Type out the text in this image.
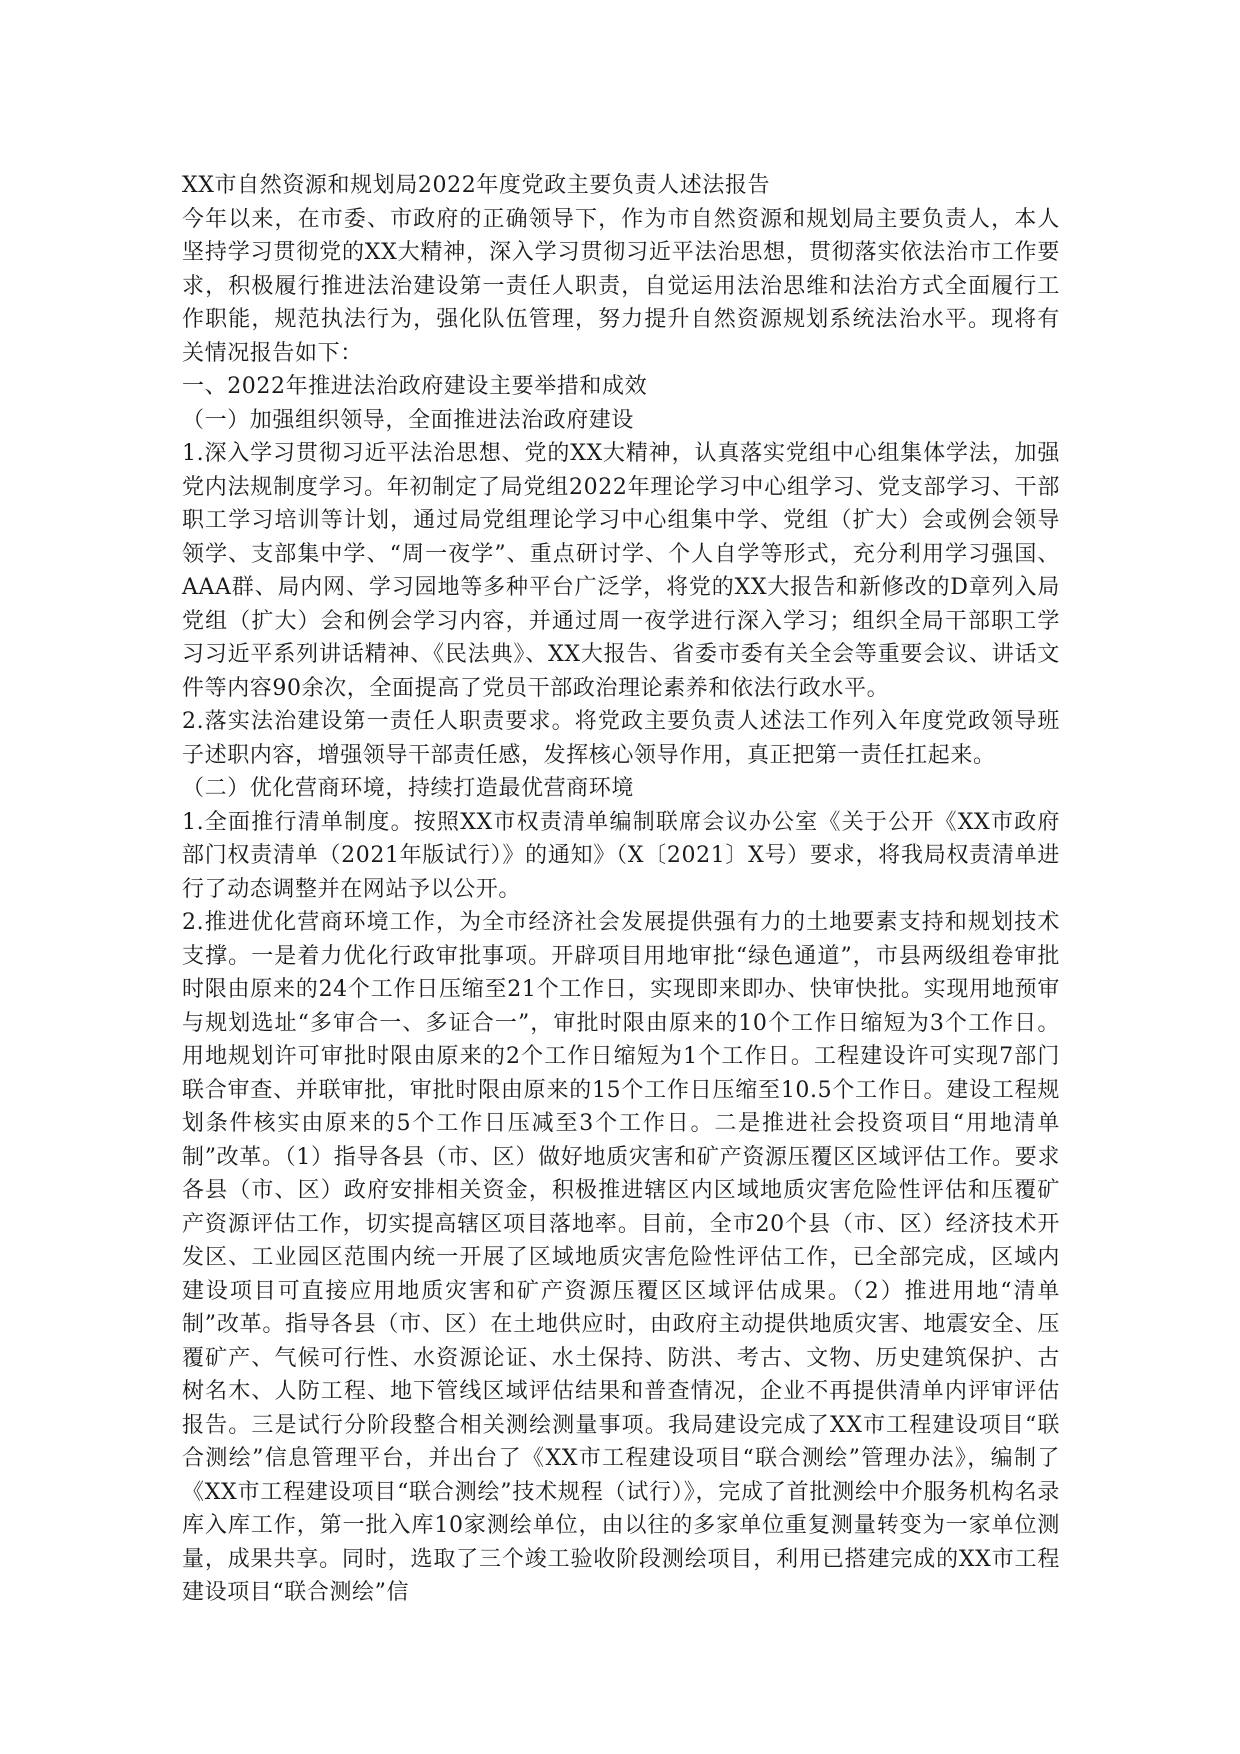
XX市自然资源和规划局2022年度党政主要负责人述法报告

今年以来，在市委、市政府的正确领导下，作为市自然资源和规划局主要负责人，本人坚持学习贯彻党的XX大精神，深入学习贯彻习近平法治思想，贯彻落实依法治市工作要求，积极履行推进法治建设第一责任人职责，自觉运用法治思维和法治方式全面履行工作职能，规范执法行为，强化队伍管理，努力提升自然资源规划系统法治水平。现将有关情况报告如下：

一、2022年推进法治政府建设主要举措和成效

（一）加强组织领导，全面推进法治政府建设

1.深入学习贯彻习近平法治思想、党的XX大精神，认真落实党组中心组集体学法，加强党内法规制度学习。年初制定了局党组2022年理论学习中心组学习、党支部学习、干部职工学习培训等计划，通过局党组理论学习中心组集中学、党组（扩大）会或例会领导领学、支部集中学、“周一夜学”、重点研讨学、个人自学等形式，充分利用学习强国、AAA群、局内网、学习园地等多种平台广泛学，将党的XX大报告和新修改的D章列入局党组（扩大）会和例会学习内容，并通过周一夜学进行深入学习；组织全局干部职工学习习近平系列讲话精神、《民法典》、XX大报告、省委市委有关全会等重要会议、讲话文件等内容90余次，全面提高了党员干部政治理论素养和依法行政水平。

2.落实法治建设第一责任人职责要求。将党政主要负责人述法工作列入年度党政领导班子述职内容，增强领导干部责任感，发挥核心领导作用，真正把第一责任扛起来。

（二）优化营商环境，持续打造最优营商环境

1.全面推行清单制度。按照XX市权责清单编制联席会议办公室《关于公开《XX市政府部门权责清单（2021年版试行）》的通知》（X〔2021〕X号）要求，将我局权责清单进行了动态调整并在网站予以公开。

2.推进优化营商环境工作，为全市经济社会发展提供强有力的土地要素支持和规划技术支撑。一是着力优化行政审批事项。开辟项目用地审批“绿色通道”，市县两级组卷审批时限由原来的24个工作日压缩至21个工作日，实现即来即办、快审快批。实现用地预审与规划选址“多审合一、多证合一”，审批时限由原来的10个工作日缩短为3个工作日。用地规划许可审批时限由原来的2个工作日缩短为1个工作日。工程建设许可实现7部门联合审查、并联审批，审批时限由原来的15个工作日压缩至10.5个工作日。建设工程规划条件核实由原来的5个工作日压减至3个工作日。二是推进社会投资项目“用地清单制”改革。（1）指导各县（市、区）做好地质灾害和矿产资源压覆区区域评估工作。要求各县（市、区）政府安排相关资金，积极推进辖区内区域地质灾害危险性评估和压覆矿产资源评估工作，切实提高辖区项目落地率。目前，全市20个县（市、区）经济技术开发区、工业园区范围内统一开展了区域地质灾害危险性评估工作，已全部完成，区域内建设项目可直接应用地质灾害和矿产资源压覆区区域评估成果。（2）推进用地“清单制”改革。指导各县（市、区）在土地供应时，由政府主动提供地质灾害、地震安全、压覆矿产、气候可行性、水资源论证、水土保持、防洪、考古、文物、历史建筑保护、古树名木、人防工程、地下管线区域评估结果和普查情况，企业不再提供清单内评审评估报告。三是试行分阶段整合相关测绘测量事项。我局建设完成了XX市工程建设项目“联合测绘”信息管理平台，并出台了《XX市工程建设项目“联合测绘”管理办法》，编制了《XX市工程建设项目“联合测绘”技术规程（试行）》，完成了首批测绘中介服务机构名录库入库工作，第一批入库10家测绘单位，由以往的多家单位重复测量转变为一家单位测量，成果共享。同时，选取了三个竣工验收阶段测绘项目，利用已搭建完成的XX市工程建设项目“联合测绘”信
